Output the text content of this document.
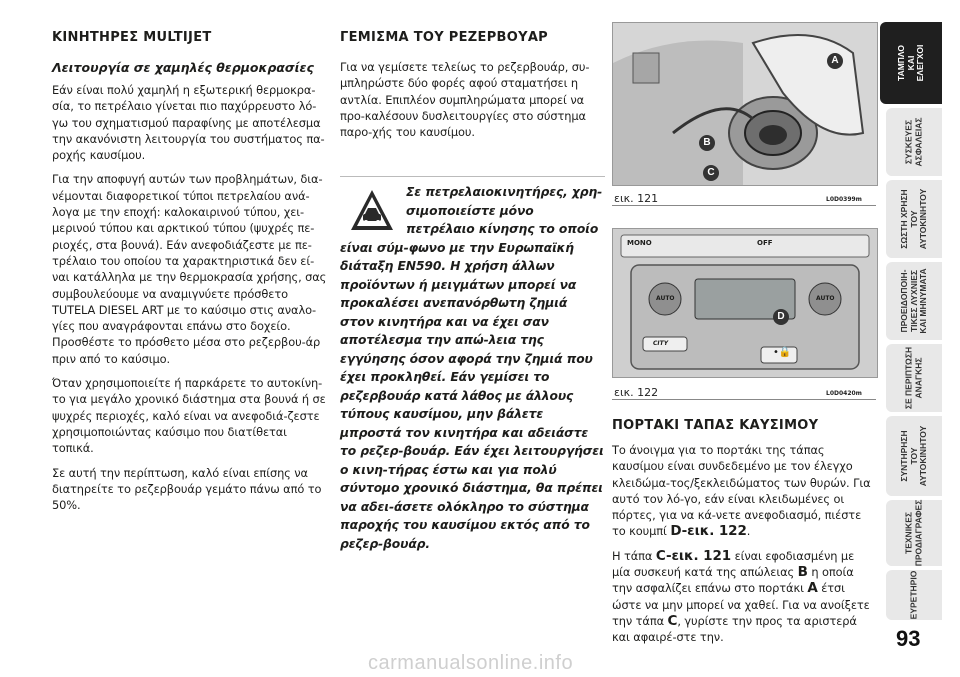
ΚΙΝΗΤΗΡΕΣ MULTIJET
Λειτουργία σε χαμηλές θερμοκρασίες

Εάν είναι πολύ χαμηλή η εξωτερική θερμοκρα-σία, το πετρέλαιο γίνεται πιο παχύρρευστο λό-γω του σχηματισμού παραφίνης με αποτέλεσμα την ακανόνιστη λειτουργία του συστήματος πα-ροχής καυσίμου.

Για την αποφυγή αυτών των προβλημάτων, δια-νέμονται διαφορετικοί τύποι πετρελαίου ανά-λογα με την εποχή: καλοκαιρινού τύπου, χει-μερινού τύπου και αρκτικού τύπου (ψυχρές πε-ριοχές, στα βουνά). Εάν ανεφοδιάζεστε με πε-τρέλαιο του οποίου τα χαρακτηριστικά δεν εί-ναι κατάλληλα με την θερμοκρασία χρήσης, σας συμβουλεύουμε να αναμιγνύετε πρόσθετο TUTELA DIESEL ART με το καύσιμο στις αναλο-γίες που αναγράφονται επάνω στο δοχείο. Προσθέστε το πρόσθετο μέσα στο ρεζερβου-άρ πριν από το καύσιμο.

Όταν χρησιμοποιείτε ή παρκάρετε το αυτοκίνη-το για μεγάλο χρονικό διάστημα στα βουνά ή σε ψυχρές περιοχές, καλό είναι να ανεφοδιά-ζεστε χρησιμοποιώντας καύσιμο που διατίθεται τοπικά.

Σε αυτή την περίπτωση, καλό είναι επίσης να διατηρείτε το ρεζερβουάρ γεμάτο πάνω από το 50%.

ΓΕΜΙΣΜΑ ΤΟΥ ΡΕΖΕΡΒΟΥΑΡ

Για να γεμίσετε τελείως το ρεζερβουάρ, συ-μπληρώστε δύο φορές αφού σταματήσει η αντλία. Επιπλέον συμπληρώματα μπορεί να προ-καλέσουν δυσλειτουργίες στο σύστημα παρο-χής του καυσίμου.

Σε πετρελαιοκινητήρες, χρη-σιμοποιείστε μόνο πετρέλαιο κίνησης το οποίο είναι σύμ-φωνο με την Ευρωπαϊκή διάταξη EN590. Η χρήση άλλων προϊόντων ή μειγμάτων μπορεί να προκαλέσει ανεπανόρθωτη ζημιά στον κινητήρα και να έχει σαν αποτέλεσμα την απώ-λεια της εγγύησης όσον αφορά την ζημιά που έχει προκληθεί. Εάν γεμίσει το ρεζερβουάρ κατά λάθος με άλλους τύπους καυσίμου, μην βάλετε μπροστά τον κινητήρα και αδειάστε το ρεζερ-βουάρ. Εάν έχει λειτουργήσει ο κινη-τήρας έστω και για πολύ σύντομο χρονικό διάστημα, θα πρέπει να αδει-άσετε ολόκληρο το σύστημα παροχής του καυσίμου εκτός από το ρεζερ-βουάρ.

A
B
C
εικ. 121	L0D0399m
MONO	OFF
AUTO	AUTO
CITY
•🔒
D
εικ. 122	L0D0420m
ΠΟΡΤΑΚΙ ΤΑΠΑΣ ΚΑΥΣΙΜΟΥ

Το άνοιγμα για το πορτάκι της τάπας καυσίμου είναι συνδεδεμένο με τον έλεγχο κλειδώμα-τος/ξεκλειδώματος των θυρών. Για αυτό τον λό-γο, εάν είναι κλειδωμένες οι πόρτες, για να κά-νετε ανεφοδιασμό, πιέστε το κουμπί D-εικ. 122.

Η τάπα C-εικ. 121 είναι εφοδιασμένη με μία συσκευή κατά της απώλειας B η οποία την ασφαλίζει επάνω στο πορτάκι A έτσι ώστε να μην μπορεί να χαθεί. Για να ανοίξετε την τάπα C, γυρίστε την προς τα αριστερά και αφαιρέ-στε την.

ΤΑΜΠΛΟ
ΚΑΙ
ΕΛΕΓΧΟΙ
ΣΥΣΚΕΥΕΣ
ΑΣΦΑΛΕΙΑΣ
ΣΩΣΤΗ ΧΡΗΣΗ
ΤΟΥ
ΑΥΤΟΚΙΝΗΤΟΥ
ΠΡΟΕΙΔΟΠΟΙΗ-
ΤΙΚΕΣ ΛΥΧΝΙΕΣ
ΚΑΙ ΜΗΝΥΜΑΤΑ
ΣΕ ΠΕΡΙΠΤΩΣΗ
ΑΝΑΓΚΗΣ
ΣΥΝΤΗΡΗΣΗ
ΤΟΥ
ΑΥΤΟΚΙΝΗΤΟΥ
ΤΕΧΝΙΚΕΣ
ΠΡΟΔΙΑΓΡΑΦΕΣ
ΕΥΡΕΤΗΡΙΟ
93
carmanualsonline.info
